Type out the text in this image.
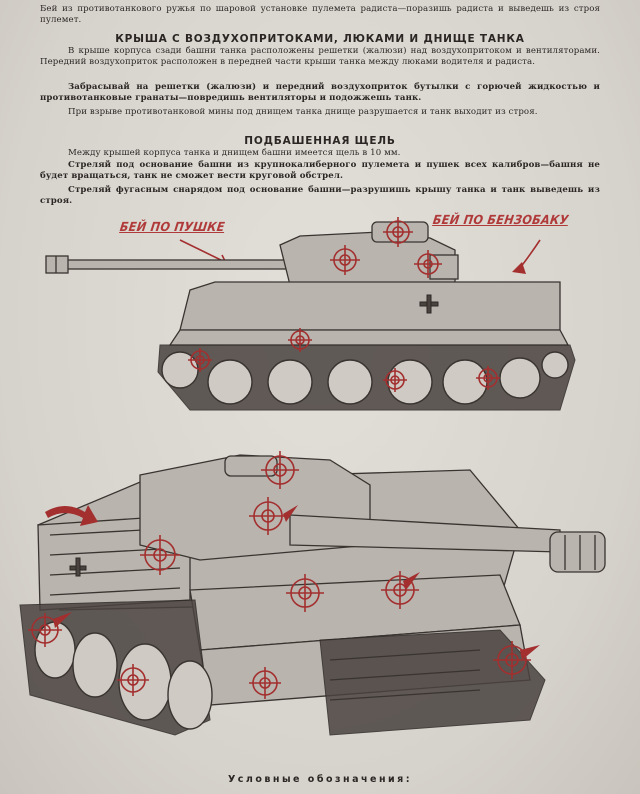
Бей из противотанкового ружья по шаровой установке пулемета радиста—поразишь радиста и выведешь из строя пулемет.

КРЫША С ВОЗДУХОПРИТОКАМИ, ЛЮКАМИ И ДНИЩЕ ТАНКА

В крыше корпуса сзади башни танка расположены решетки (жалюзи) над воздухопритоком и вентиляторами. Передний воздухоприток расположен в передней части крыши танка между люками водителя и радиста.

Забрасывай на решетки (жалюзи) и передний воздухоприток бутылки с горючей жидкостью и противотанковые гранаты—повредишь вентиляторы и подожжешь танк.

При взрыве противотанковой мины под днищем танка днище разрушается и танк выходит из строя.

ПОДБАШЕННАЯ ЩЕЛЬ

Между крышей корпуса танка и днищем башни имеется щель в 10 мм.

Стреляй под основание башни из крупнокалиберного пулемета и пушек всех калибров—башня не будет вращаться, танк не сможет вести круговой обстрел.

Стреляй фугасным снарядом под основание башни—разрушишь крышу танка и танк выведешь из строя.

БЕЙ ПО ПУШКЕ	БЕЙ ПО БЕНЗОБАКУ
Условные обозначения:
